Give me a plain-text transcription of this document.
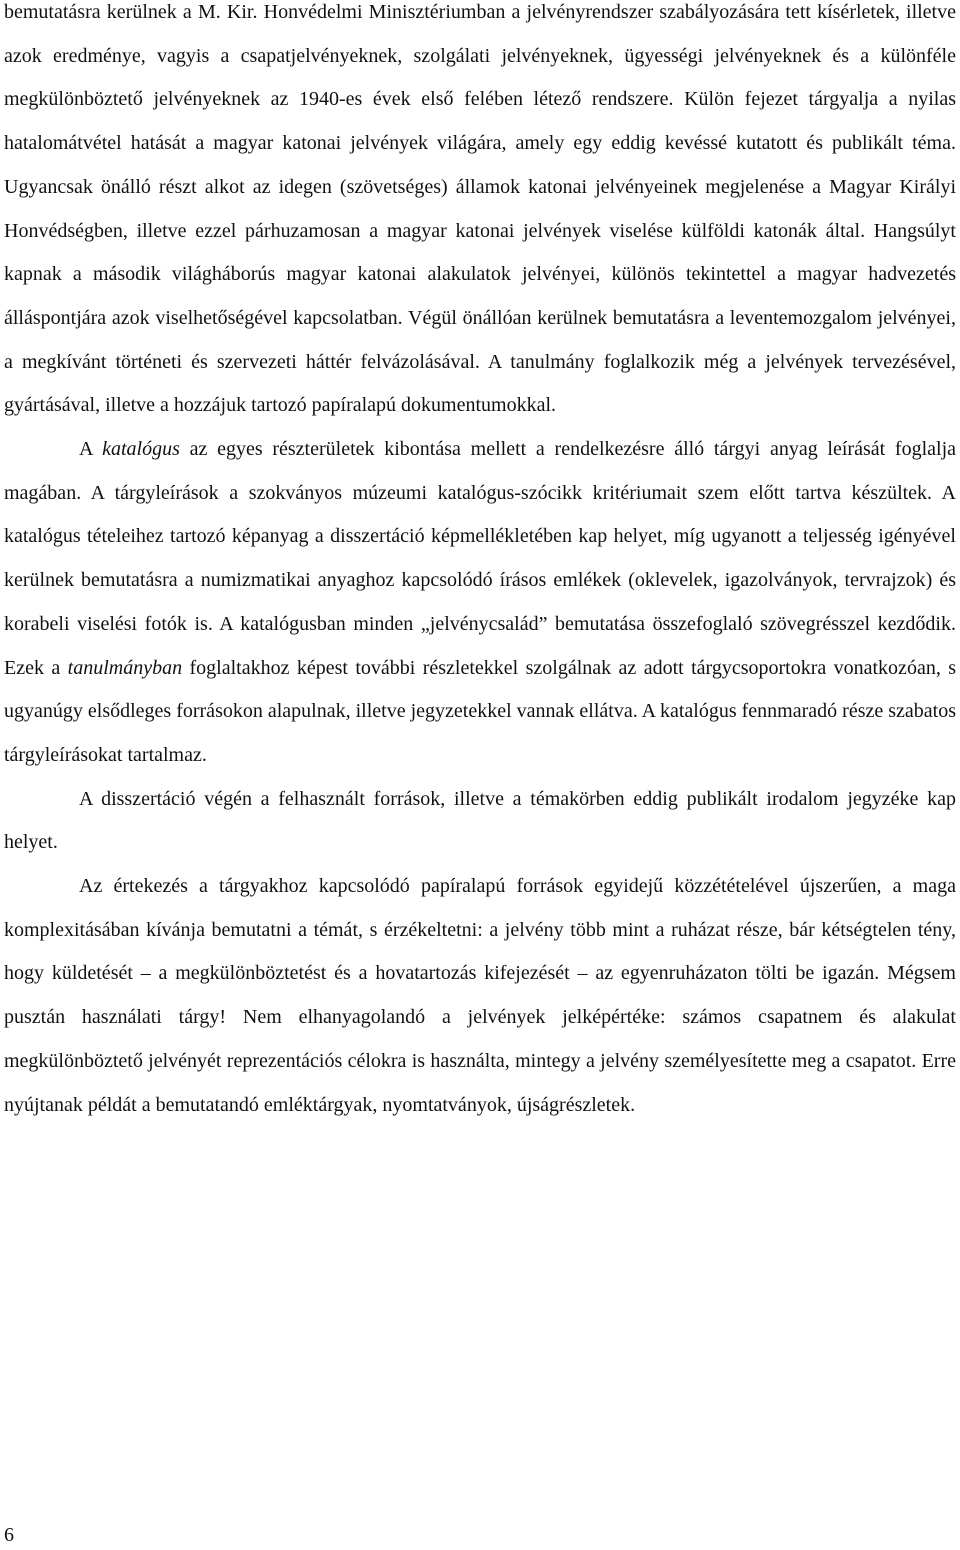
bemutatásra kerülnek a M. Kir. Honvédelmi Minisztériumban a jelvényrendszer szabályozására tett kísérletek, illetve azok eredménye, vagyis a csapatjelvényeknek, szolgálati jelvényeknek, ügyességi jelvényeknek és a különféle megkülönböztető jelvényeknek az 1940-es évek első felében létező rendszere. Külön fejezet tárgyalja a nyilas hatalomátvétel hatását a magyar katonai jelvények világára, amely egy eddig kevéssé kutatott és publikált téma. Ugyancsak önálló részt alkot az idegen (szövetséges) államok katonai jelvényeinek megjelenése a Magyar Királyi Honvédségben, illetve ezzel párhuzamosan a magyar katonai jelvények viselése külföldi katonák által. Hangsúlyt kapnak a második világháborús magyar katonai alakulatok jelvényei, különös tekintettel a magyar hadvezetés álláspontjára azok viselhetőségével kapcsolatban. Végül önállóan kerülnek bemutatásra a leventemozgalom jelvényei, a megkívánt történeti és szervezeti háttér felvázolásával. A tanulmány foglalkozik még a jelvények tervezésével, gyártásával, illetve a hozzájuk tartozó papíralapú dokumentumokkal.

A katalógus az egyes részterületek kibontása mellett a rendelkezésre álló tárgyi anyag leírását foglalja magában. A tárgyleírások a szokványos múzeumi katalógus-szócikk kritériumait szem előtt tartva készültek. A katalógus tételeihez tartozó képanyag a disszertáció képmellékletében kap helyet, míg ugyanott a teljesség igényével kerülnek bemutatásra a numizmatikai anyaghoz kapcsolódó írásos emlékek (oklevelek, igazolványok, tervrajzok) és korabeli viselési fotók is. A katalógusban minden „jelvénycsalád” bemutatása összefoglaló szövegrésszel kezdődik. Ezek a tanulmányban foglaltakhoz képest további részletekkel szolgálnak az adott tárgycsoportokra vonatkozóan, s ugyanúgy elsődleges forrásokon alapulnak, illetve jegyzetekkel vannak ellátva. A katalógus fennmaradó része szabatos tárgyleírásokat tartalmaz.

A disszertáció végén a felhasznált források, illetve a témakörben eddig publikált irodalom jegyzéke kap helyet.

Az értekezés a tárgyakhoz kapcsolódó papíralapú források egyidejű közzétételével újszerűen, a maga komplexitásában kívánja bemutatni a témát, s érzékeltetni: a jelvény több mint a ruházat része, bár kétségtelen tény, hogy küldetését – a megkülönböztetést és a hovatartozás kifejezését – az egyenruházaton tölti be igazán. Mégsem pusztán használati tárgy! Nem elhanyagolandó a jelvények jelképértéke: számos csapatnem és alakulat megkülönböztető jelvényét reprezentációs célokra is használta, mintegy a jelvény személyesítette meg a csapatot. Erre nyújtanak példát a bemutatandó emléktárgyak, nyomtatványok, újságrészletek.

6
